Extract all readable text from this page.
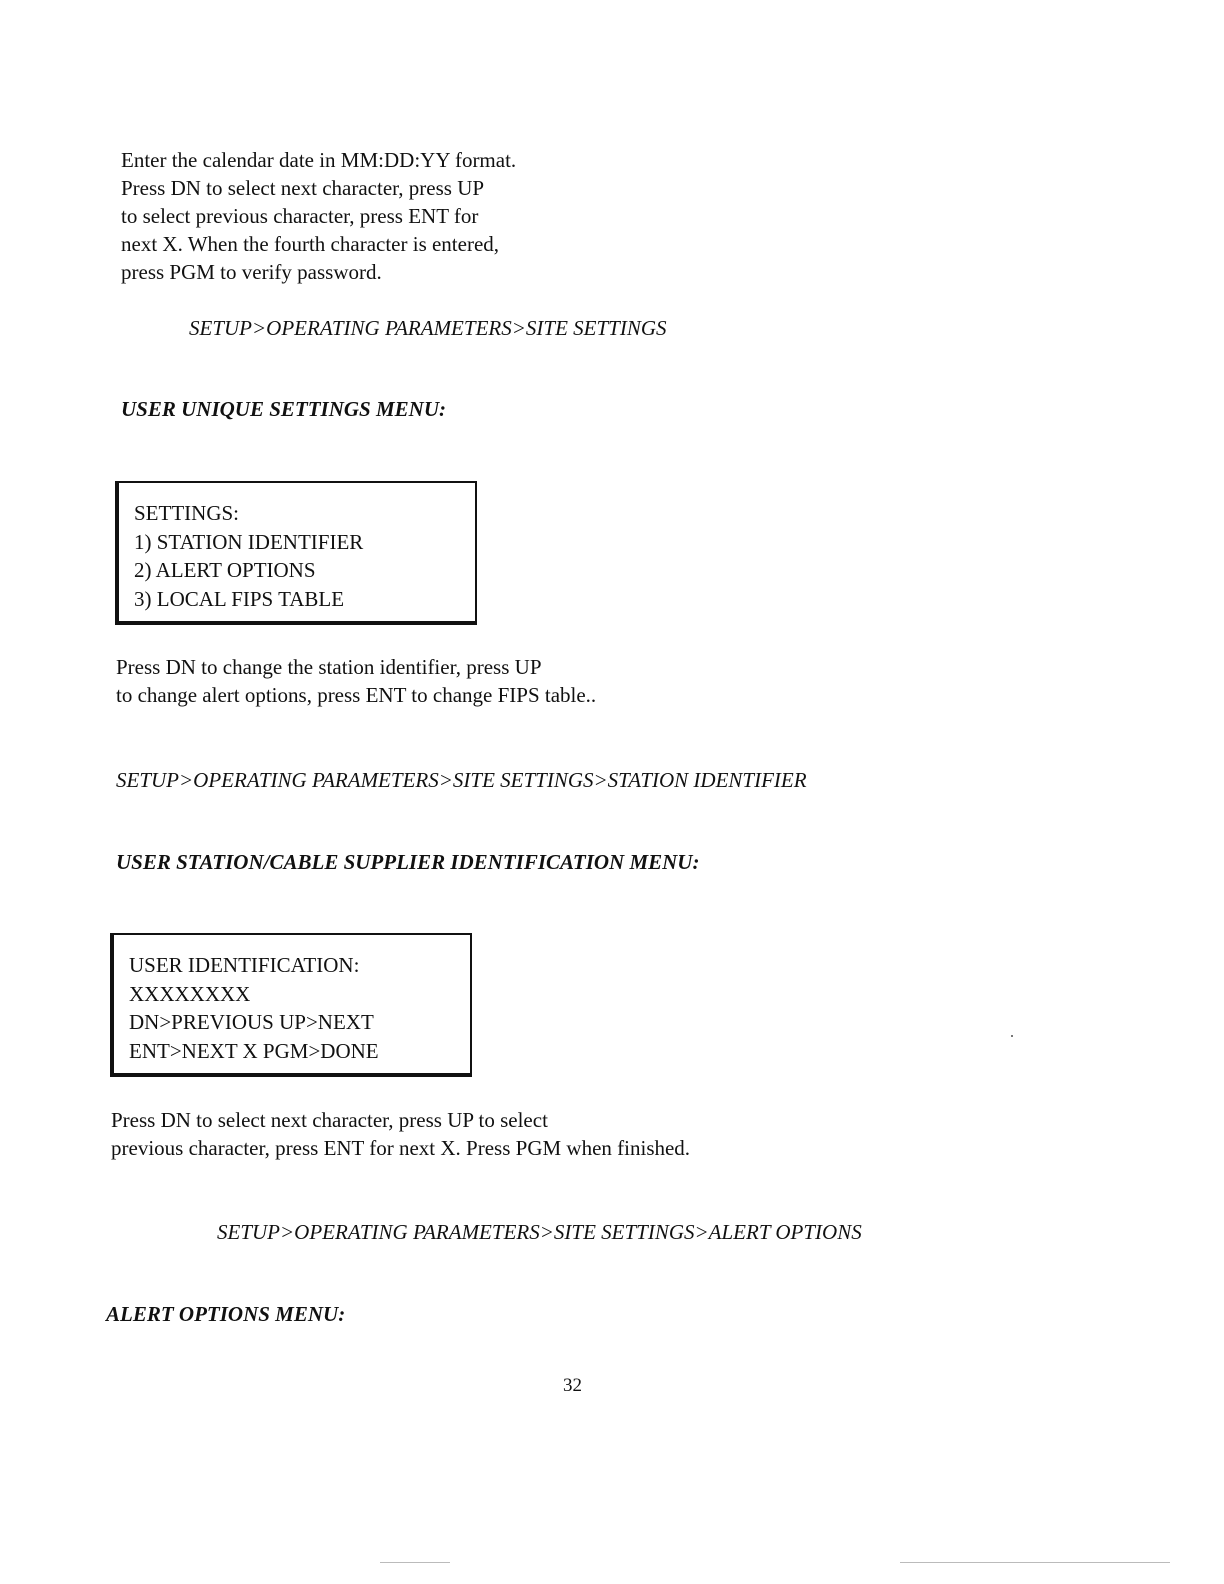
Enter the calendar date in MM:DD:YY format.
Press DN to select next character, press UP
to select previous character, press ENT for
next X. When the fourth character is entered,
press PGM to verify password.

SETUP>OPERATING PARAMETERS>SITE SETTINGS

USER UNIQUE SETTINGS MENU:

SETTINGS:
1) STATION IDENTIFIER
2) ALERT OPTIONS
3) LOCAL FIPS TABLE
Press DN to change the station identifier, press UP
to change alert options, press ENT to change FIPS table..

SETUP>OPERATING PARAMETERS>SITE SETTINGS>STATION IDENTIFIER

USER STATION/CABLE SUPPLIER IDENTIFICATION MENU:

USER IDENTIFICATION:
XXXXXXXX
DN>PREVIOUS UP>NEXT
ENT>NEXT X PGM>DONE
Press DN to select next character, press UP to select
previous character, press ENT for next X. Press PGM when finished.

SETUP>OPERATING PARAMETERS>SITE SETTINGS>ALERT OPTIONS

ALERT OPTIONS MENU:

32
